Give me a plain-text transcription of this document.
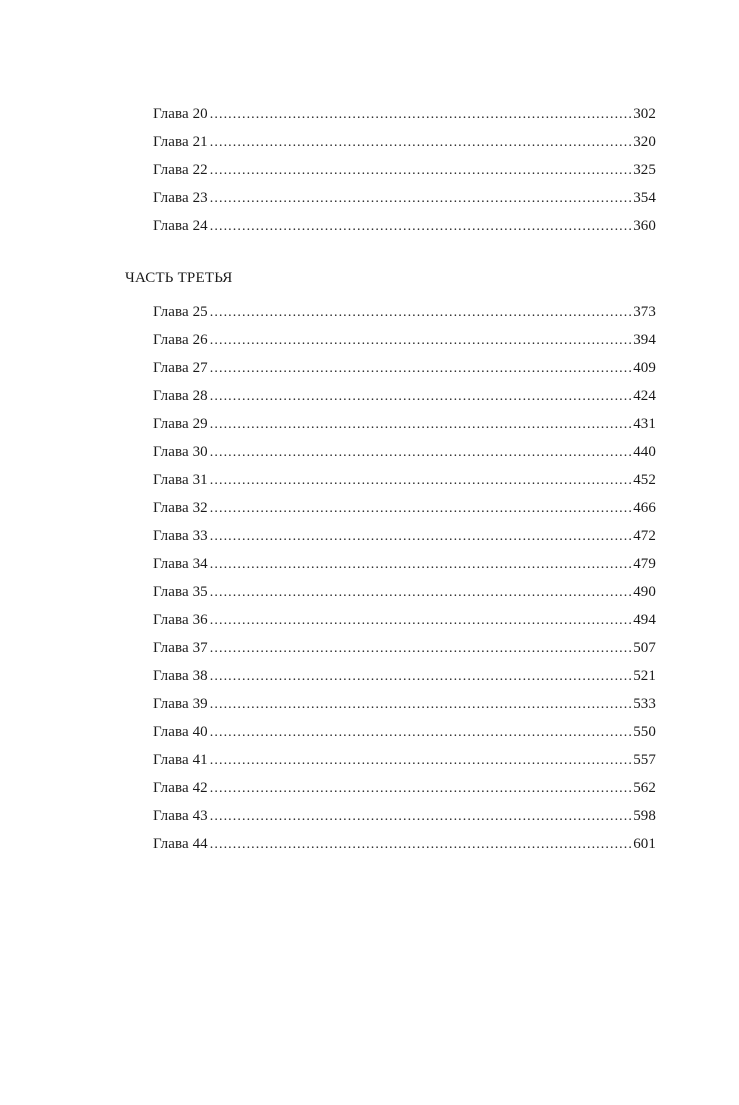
Глава 20 . . .	302
Глава 21 . . .	320
Глава 22 . . .	325
Глава 23 . . .	354
Глава 24 . . .	360
ЧАСТЬ ТРЕТЬЯ
Глава 25 . . .	373
Глава 26 . . .	394
Глава 27 . . .	409
Глава 28 . . .	424
Глава 29 . . .	431
Глава 30 . . .	440
Глава 31 . . .	452
Глава 32 . . .	466
Глава 33 . . .	472
Глава 34 . . .	479
Глава 35 . . .	490
Глава 36 . . .	494
Глава 37 . . .	507
Глава 38 . . .	521
Глава 39 . . .	533
Глава 40 . . .	550
Глава 41 . . .	557
Глава 42 . . .	562
Глава 43 . . .	598
Глава 44 . . .	601
